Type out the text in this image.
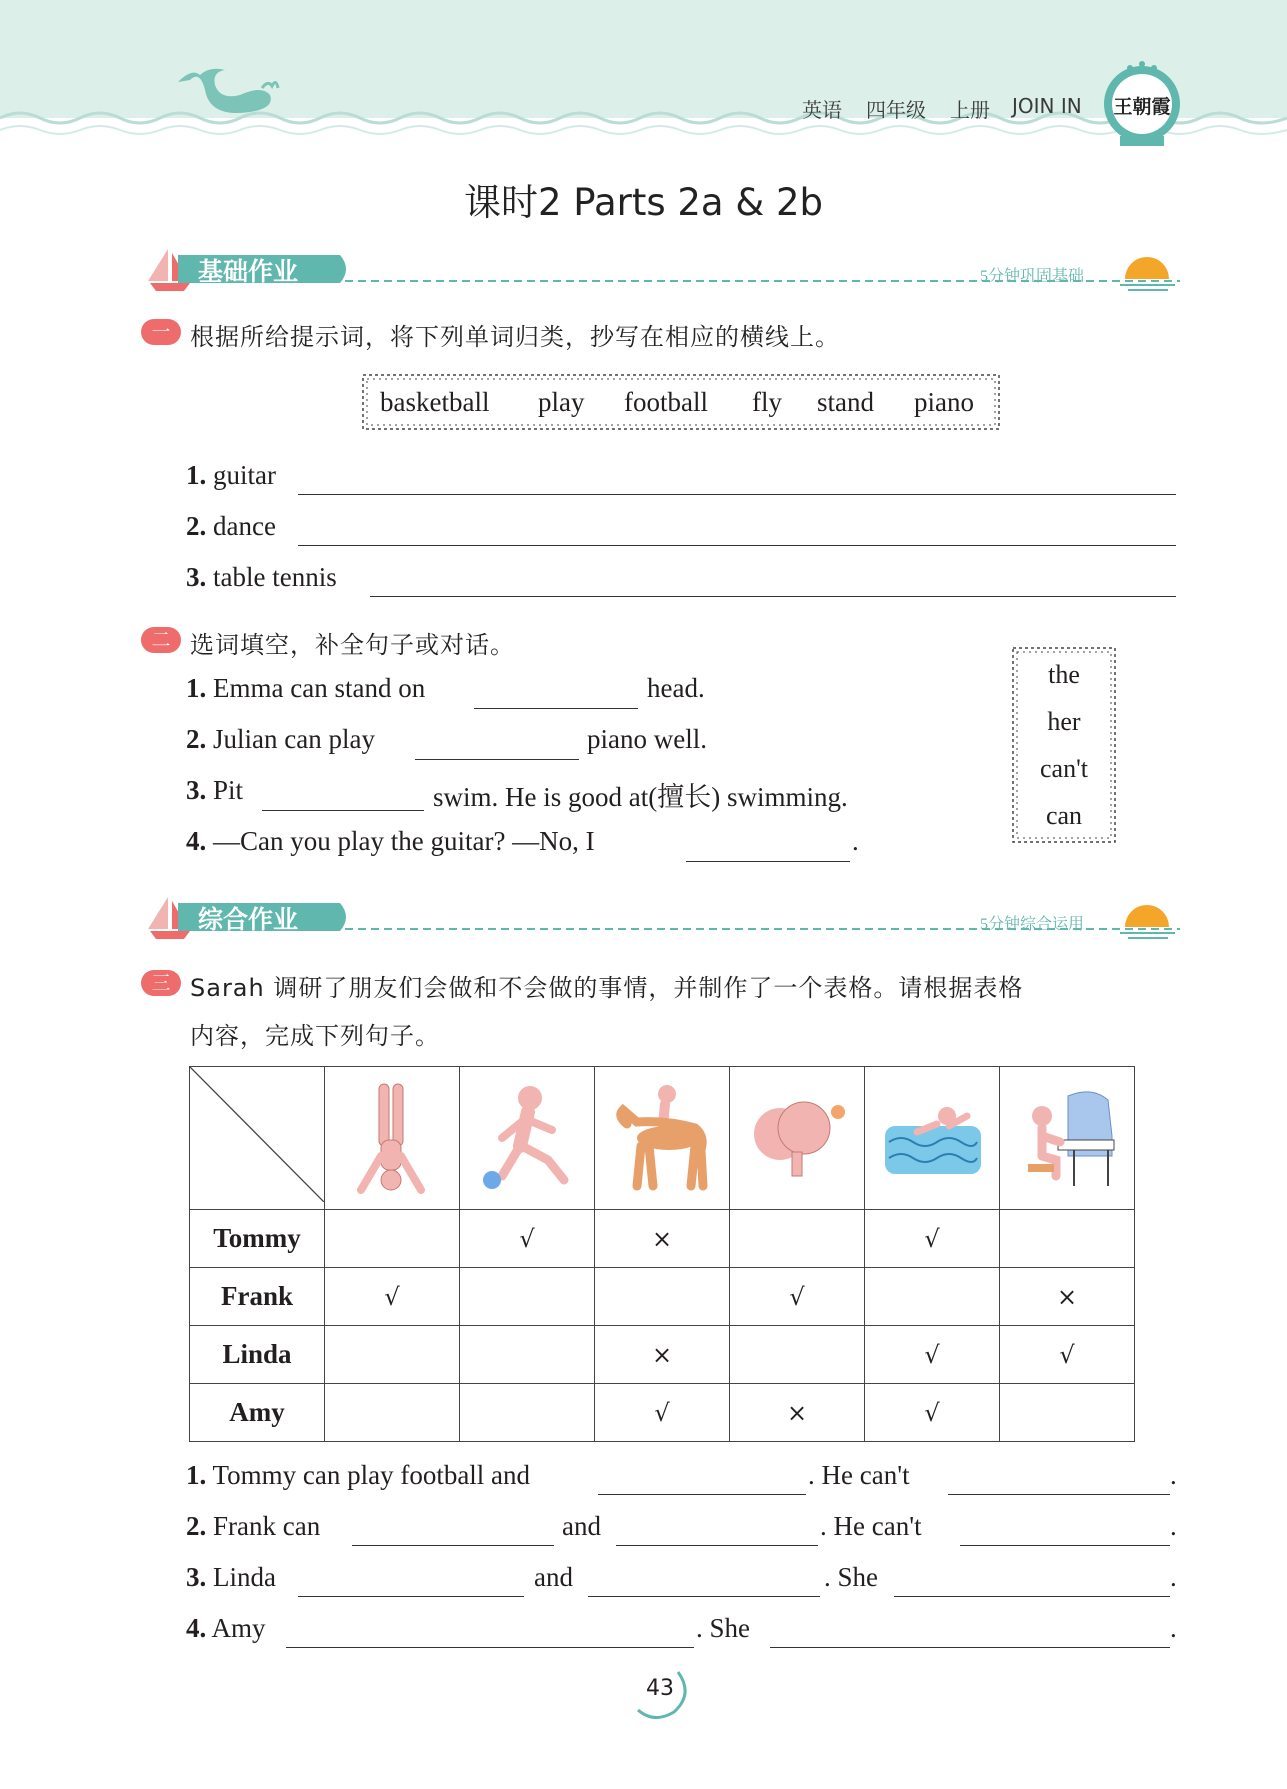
英语 四年级 上册 JOIN IN 王朝霞
课时2 Parts 2a & 2b
基础作业	5分钟巩固基础
一 根据所给提示词，将下列单词归类，抄写在相应的横线上。
basketball play football fly stand piano
1. guitar
2. dance
3. table tennis
二 选词填空，补全句子或对话。
1. Emma can stand on	head.
2. Julian can play	piano well.
3. Pit	swim. He is good at(擅长) swimming.
4. —Can you play the guitar? —No, I	.
the
her
can't
can
综合作业	5分钟综合运用
三 Sarah 调研了朋友们会做和不会做的事情，并制作了一个表格。请根据表格
内容，完成下列句子。

Tommy		√	×		√	
Frank	√			√		×
Linda			×		√	√
Amy			√	×	√	
1. Tommy can play football and	. He can't	.
2. Frank can	and	. He can't	.
3. Linda	and	. She	.
4. Amy	. She	.
43
